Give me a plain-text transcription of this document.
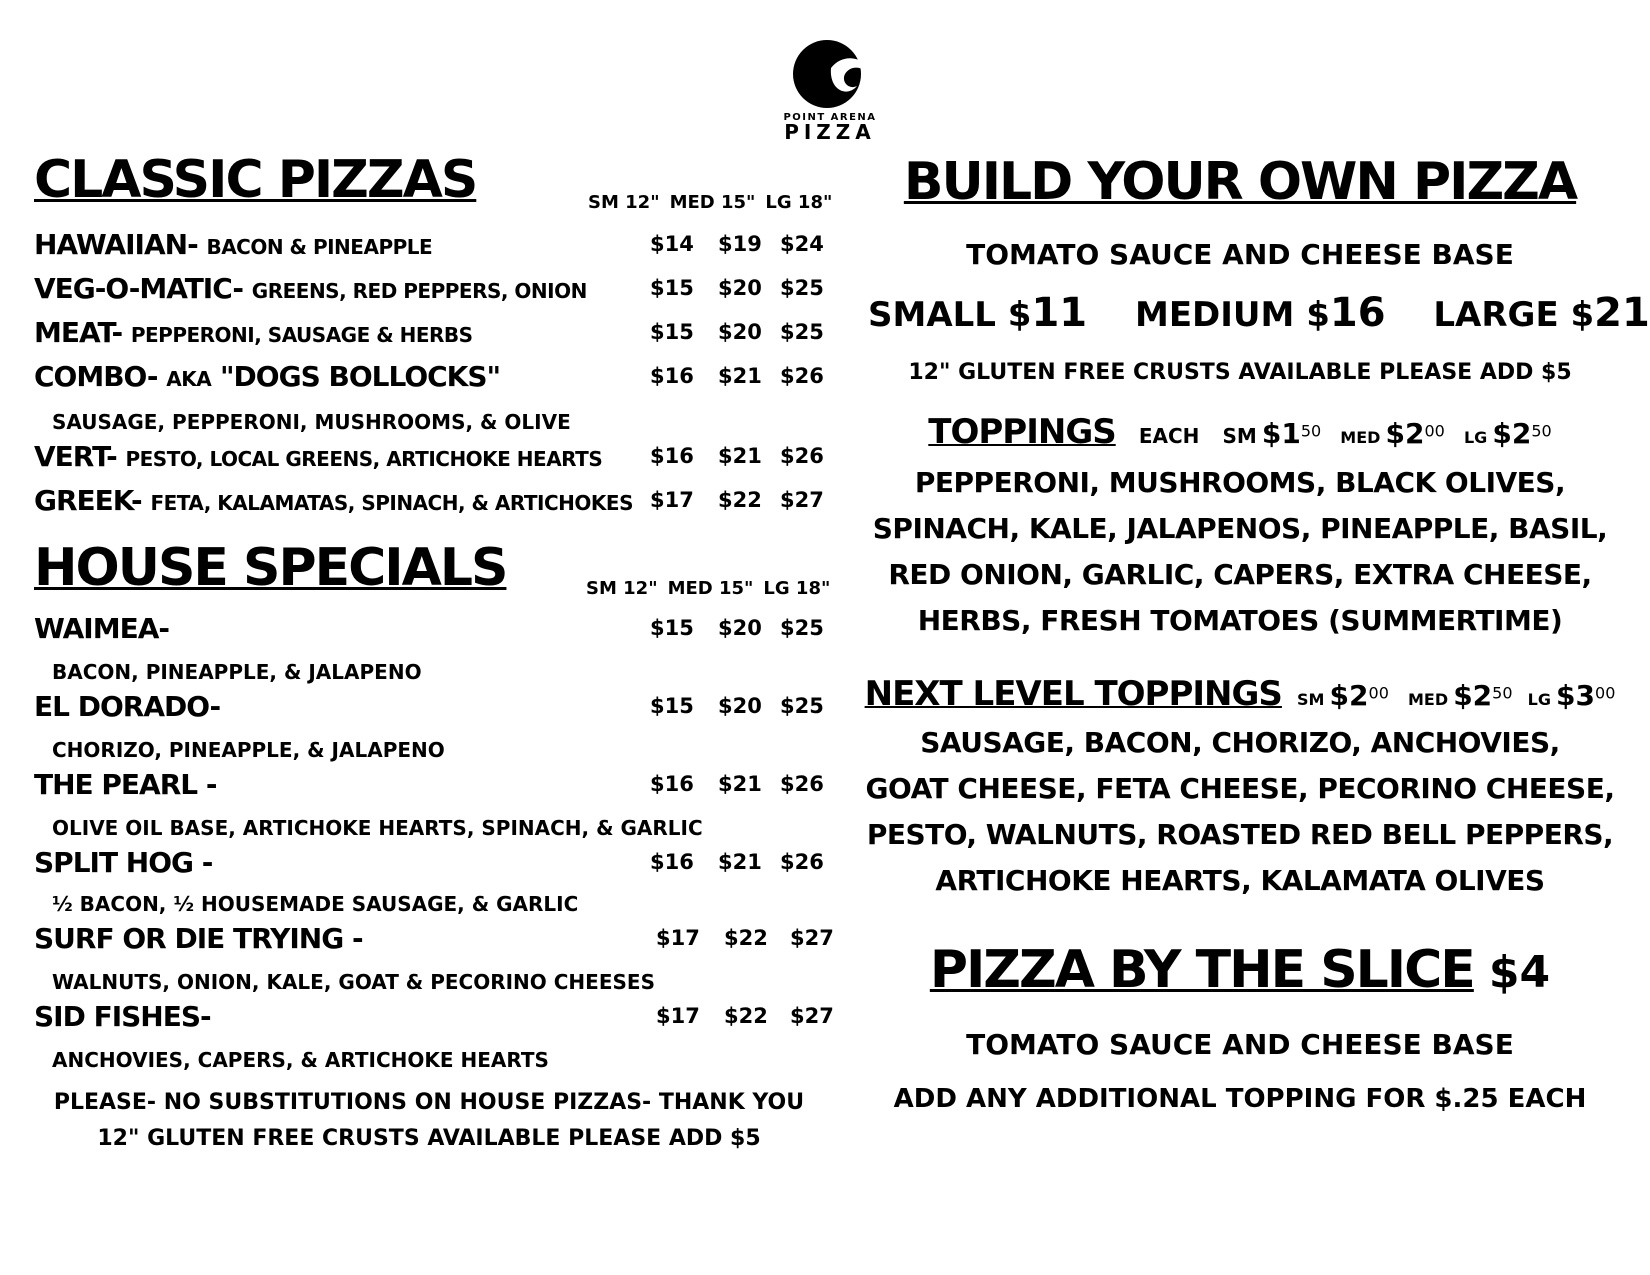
POINT ARENA
PIZZA
CLASSIC PIZZAS	SM 12" MED 15" LG 18"
HAWAIIAN- BACON & PINEAPPLE	$14 $19 $24
VEG-O-MATIC- GREENS, RED PEPPERS, ONION	$15 $20 $25
MEAT- PEPPERONI, SAUSAGE & HERBS	$15 $20 $25
COMBO- AKA "DOGS BOLLOCKS"	$16 $21 $26
SAUSAGE, PEPPERONI, MUSHROOMS, & OLIVE
VERT- PESTO, LOCAL GREENS, ARTICHOKE HEARTS $16 $21 $26
GREEK- FETA, KALAMATAS, SPINACH, & ARTICHOKES $17 $22 $27
HOUSE SPECIALS	SM 12" MED 15" LG 18"
WAIMEA-	$15 $20 $25
BACON, PINEAPPLE, & JALAPENO
EL DORADO-	$15 $20 $25
CHORIZO, PINEAPPLE, & JALAPENO
THE PEARL -	$16 $21 $26
OLIVE OIL BASE, ARTICHOKE HEARTS, SPINACH, & GARLIC
SPLIT HOG -	$16 $21 $26
½ BACON, ½ HOUSEMADE SAUSAGE, & GARLIC
SURF OR DIE TRYING -	$17 $22 $27
WALNUTS, ONION, KALE, GOAT & PECORINO CHEESES
SID FISHES-	$17 $22 $27
ANCHOVIES, CAPERS, & ARTICHOKE HEARTS
PLEASE- NO SUBSTITUTIONS ON HOUSE PIZZAS- THANK YOU
12" GLUTEN FREE CRUSTS AVAILABLE PLEASE ADD $5
BUILD YOUR OWN PIZZA
TOMATO SAUCE AND CHEESE BASE
SMALL $11 MEDIUM $16 LARGE $21
12" GLUTEN FREE CRUSTS AVAILABLE PLEASE ADD $5
TOPPINGS EACH SM $150 MED $200 LG $250
PEPPERONI, MUSHROOMS, BLACK OLIVES,
SPINACH, KALE, JALAPENOS, PINEAPPLE, BASIL,
RED ONION, GARLIC, CAPERS, EXTRA CHEESE,
HERBS, FRESH TOMATOES (SUMMERTIME)
NEXT LEVEL TOPPINGS SM $200 MED $250 LG $300
SAUSAGE, BACON, CHORIZO, ANCHOVIES,
GOAT CHEESE, FETA CHEESE, PECORINO CHEESE,
PESTO, WALNUTS, ROASTED RED BELL PEPPERS,
ARTICHOKE HEARTS, KALAMATA OLIVES
PIZZA BY THE SLICE $4
TOMATO SAUCE AND CHEESE BASE
ADD ANY ADDITIONAL TOPPING FOR $.25 EACH
